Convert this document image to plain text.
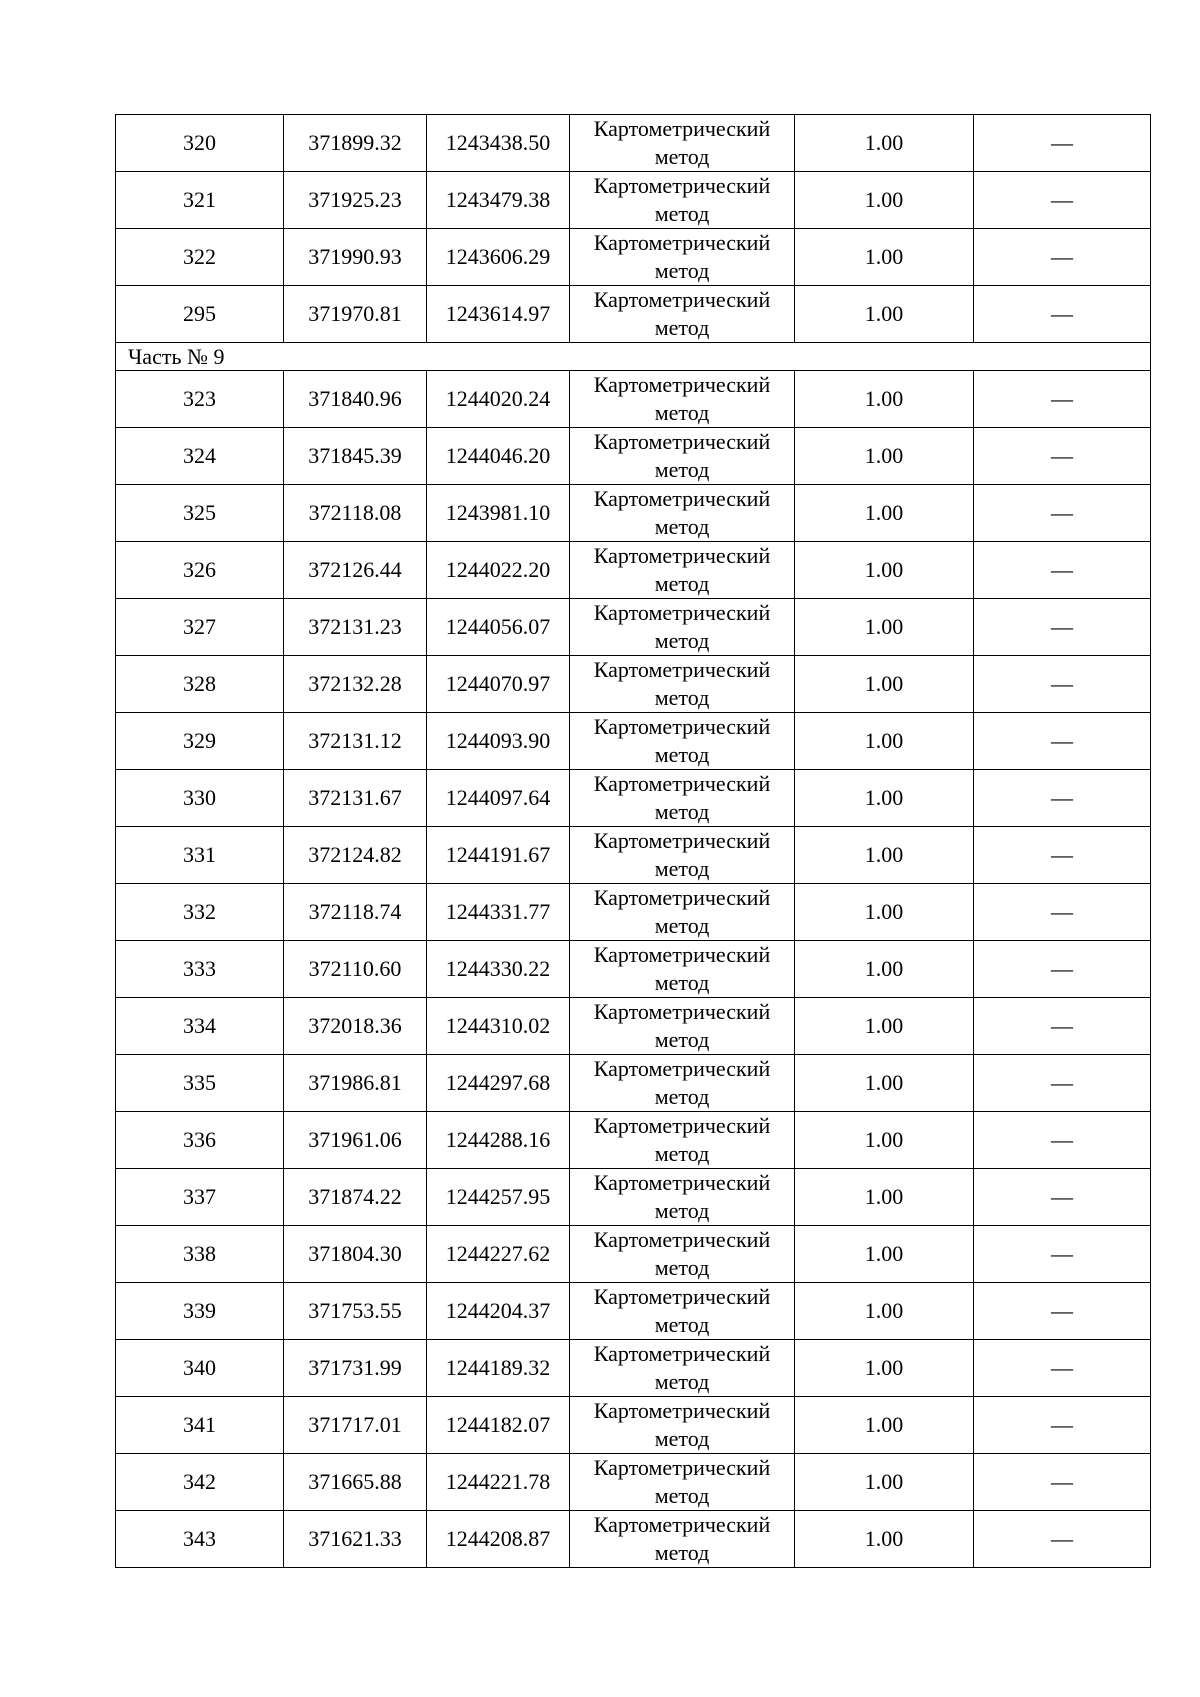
320	371899.32	1243438.50	Картометрический метод	1.00	—
321	371925.23	1243479.38	Картометрический метод	1.00	—
322	371990.93	1243606.29	Картометрический метод	1.00	—
295	371970.81	1243614.97	Картометрический метод	1.00	—
Часть № 9					
323	371840.96	1244020.24	Картометрический метод	1.00	—
324	371845.39	1244046.20	Картометрический метод	1.00	—
325	372118.08	1243981.10	Картометрический метод	1.00	—
326	372126.44	1244022.20	Картометрический метод	1.00	—
327	372131.23	1244056.07	Картометрический метод	1.00	—
328	372132.28	1244070.97	Картометрический метод	1.00	—
329	372131.12	1244093.90	Картометрический метод	1.00	—
330	372131.67	1244097.64	Картометрический метод	1.00	—
331	372124.82	1244191.67	Картометрический метод	1.00	—
332	372118.74	1244331.77	Картометрический метод	1.00	—
333	372110.60	1244330.22	Картометрический метод	1.00	—
334	372018.36	1244310.02	Картометрический метод	1.00	—
335	371986.81	1244297.68	Картометрический метод	1.00	—
336	371961.06	1244288.16	Картометрический метод	1.00	—
337	371874.22	1244257.95	Картометрический метод	1.00	—
338	371804.30	1244227.62	Картометрический метод	1.00	—
339	371753.55	1244204.37	Картометрический метод	1.00	—
340	371731.99	1244189.32	Картометрический метод	1.00	—
341	371717.01	1244182.07	Картометрический метод	1.00	—
342	371665.88	1244221.78	Картометрический метод	1.00	—
343	371621.33	1244208.87	Картометрический метод	1.00	—
